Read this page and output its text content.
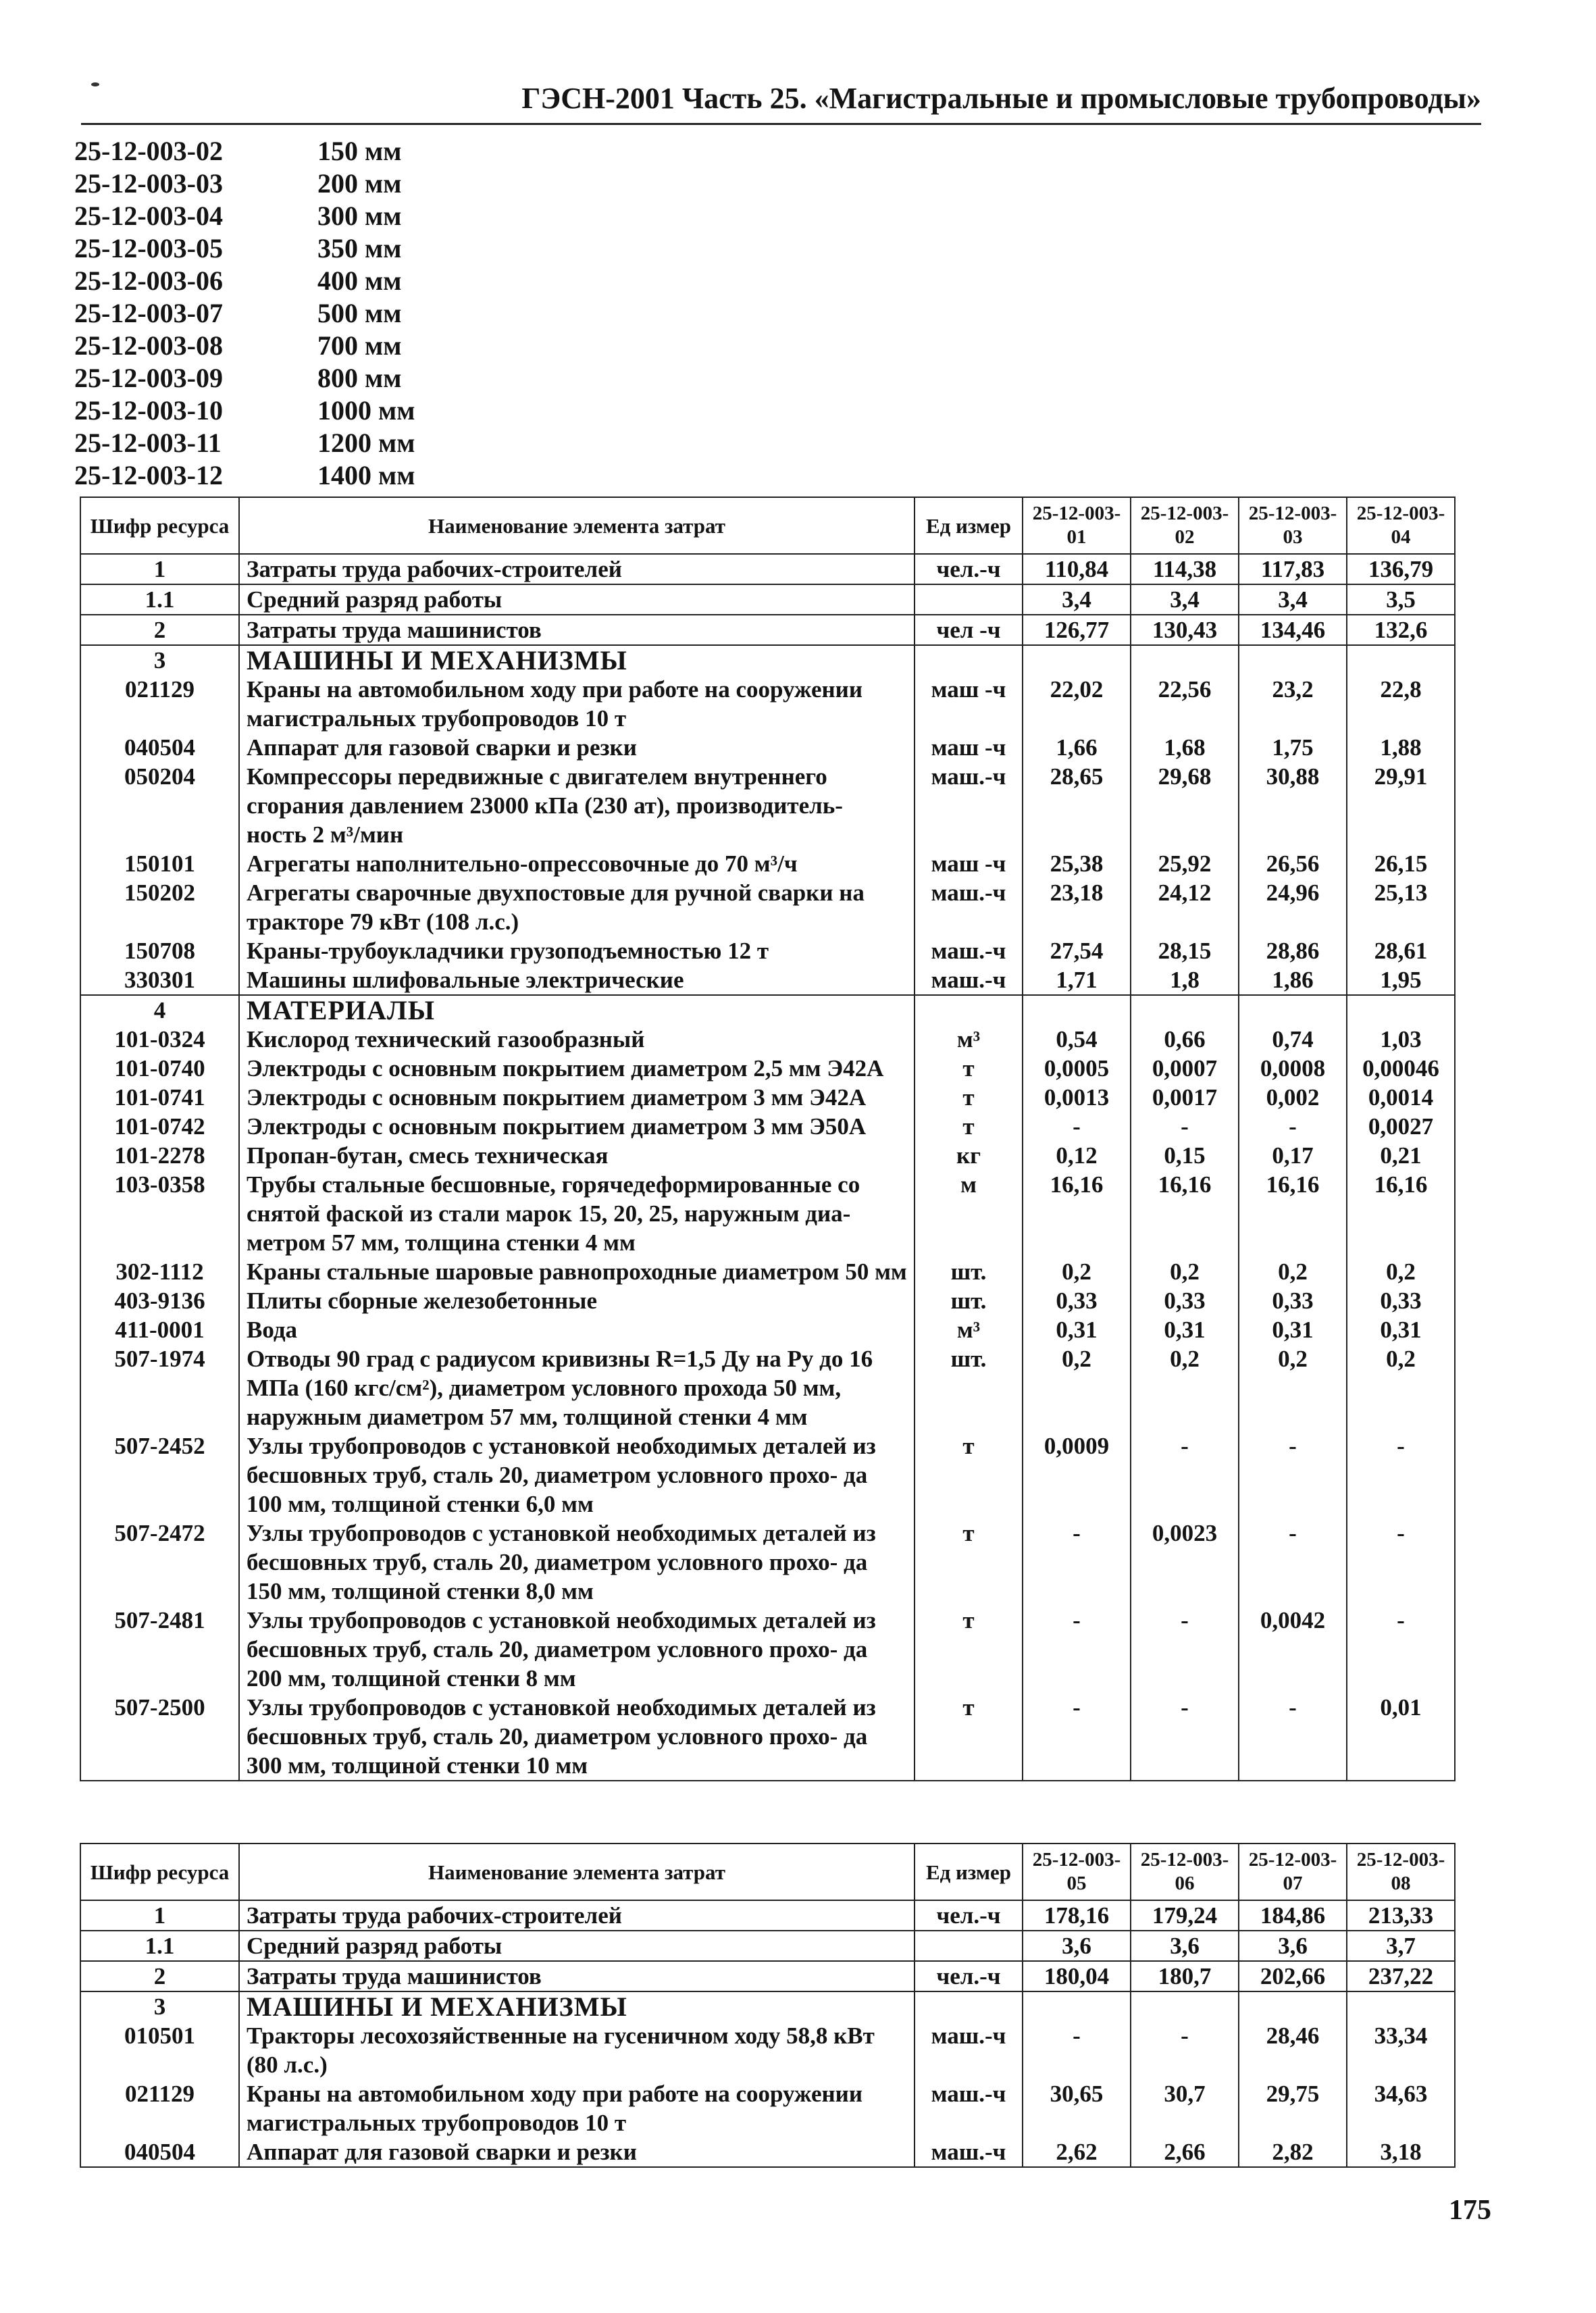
ГЭСН-2001 Часть 25. «Магистральные и промысловые трубопроводы»
25-12-003-02	150 мм
25-12-003-03	200 мм
25-12-003-04	300 мм
25-12-003-05	350 мм
25-12-003-06	400 мм
25-12-003-07	500 мм
25-12-003-08	700 мм
25-12-003-09	800 мм
25-12-003-10	1000 мм
25-12-003-11	1200 мм
25-12-003-12	1400 мм
Шифр ресурса	Наименование элемента затрат	Ед измер	25-12-003-01	25-12-003-02	25-12-003-03	25-12-003-04
1	Затраты труда рабочих-строителей	чел.-ч	110,84	114,38	117,83	136,79
1.1	Средний разряд работы		3,4	3,4	3,4	3,5
2	Затраты труда машинистов	чел -ч	126,77	130,43	134,46	132,6
3	МАШИНЫ И МЕХАНИЗМЫ					
021129	Краны на автомобильном ходу при работе на сооружении магистральных трубопроводов 10 т	маш -ч	22,02	22,56	23,2	22,8
040504	Аппарат для газовой сварки и резки	маш -ч	1,66	1,68	1,75	1,88
050204	Компрессоры передвижные с двигателем внутреннего сгорания давлением 23000 кПа (230 ат), производитель- ность 2 м³/мин	маш.-ч	28,65	29,68	30,88	29,91
150101	Агрегаты наполнительно-опрессовочные до 70 м³/ч	маш -ч	25,38	25,92	26,56	26,15
150202	Агрегаты сварочные двухпостовые для ручной сварки на тракторе 79 кВт (108 л.с.)	маш.-ч	23,18	24,12	24,96	25,13
150708	Краны-трубоукладчики грузоподъемностью 12 т	маш.-ч	27,54	28,15	28,86	28,61
330301	Машины шлифовальные электрические	маш.-ч	1,71	1,8	1,86	1,95
4	МАТЕРИАЛЫ					
101-0324	Кислород технический газообразный	м³	0,54	0,66	0,74	1,03
101-0740	Электроды с основным покрытием диаметром 2,5 мм Э42А	т	0,0005	0,0007	0,0008	0,00046
101-0741	Электроды с основным покрытием диаметром 3 мм Э42А	т	0,0013	0,0017	0,002	0,0014
101-0742	Электроды с основным покрытием диаметром 3 мм Э50А	т	-	-	-	0,0027
101-2278	Пропан-бутан, смесь техническая	кг	0,12	0,15	0,17	0,21
103-0358	Трубы стальные бесшовные, горячедеформированные со снятой фаской из стали марок 15, 20, 25, наружным диа- метром 57 мм, толщина стенки 4 мм	м	16,16	16,16	16,16	16,16
302-1112	Краны стальные шаровые равнопроходные диаметром 50 мм	шт.	0,2	0,2	0,2	0,2
403-9136	Плиты сборные железобетонные	шт.	0,33	0,33	0,33	0,33
411-0001	Вода	м³	0,31	0,31	0,31	0,31
507-1974	Отводы 90 град с радиусом кривизны R=1,5 Ду на Ру до 16 МПа (160 кгс/см²), диаметром условного прохода 50 мм, наружным диаметром 57 мм, толщиной стенки 4 мм	шт.	0,2	0,2	0,2	0,2
507-2452	Узлы трубопроводов с установкой необходимых деталей из бесшовных труб, сталь 20, диаметром условного прохо- да 100 мм, толщиной стенки 6,0 мм	т	0,0009	-	-	-
507-2472	Узлы трубопроводов с установкой необходимых деталей из бесшовных труб, сталь 20, диаметром условного прохо- да 150 мм, толщиной стенки 8,0 мм	т	-	0,0023	-	-
507-2481	Узлы трубопроводов с установкой необходимых деталей из бесшовных труб, сталь 20, диаметром условного прохо- да 200 мм, толщиной стенки 8 мм	т	-	-	0,0042	-
507-2500	Узлы трубопроводов с установкой необходимых деталей из бесшовных труб, сталь 20, диаметром условного прохо- да 300 мм, толщиной стенки 10 мм	т	-	-	-	0,01
Шифр ресурса	Наименование элемента затрат	Ед измер	25-12-003-05	25-12-003-06	25-12-003-07	25-12-003-08
1	Затраты труда рабочих-строителей	чел.-ч	178,16	179,24	184,86	213,33
1.1	Средний разряд работы		3,6	3,6	3,6	3,7
2	Затраты труда машинистов	чел.-ч	180,04	180,7	202,66	237,22
3	МАШИНЫ И МЕХАНИЗМЫ					
010501	Тракторы лесохозяйственные на гусеничном ходу 58,8 кВт (80 л.с.)	маш.-ч	-	-	28,46	33,34
021129	Краны на автомобильном ходу при работе на сооружении магистральных трубопроводов 10 т	маш.-ч	30,65	30,7	29,75	34,63
040504	Аппарат для газовой сварки и резки	маш.-ч	2,62	2,66	2,82	3,18
175
